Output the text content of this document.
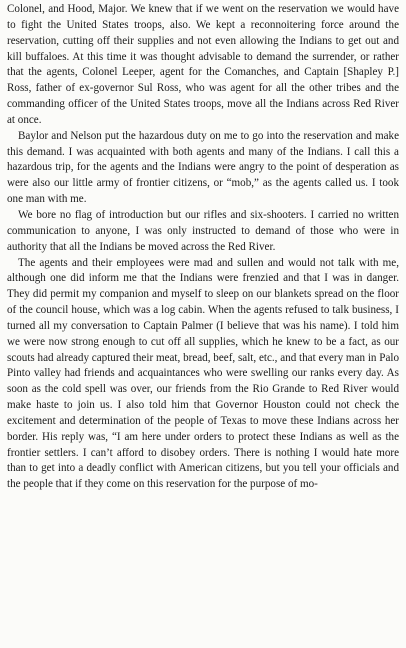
Colonel, and Hood, Major. We knew that if we went on the reservation we would have to fight the United States troops, also. We kept a reconnoitering force around the reservation, cutting off their supplies and not even allowing the Indians to get out and kill buffaloes. At this time it was thought advisable to demand the surrender, or rather that the agents, Colonel Leeper, agent for the Comanches, and Captain [Shapley P.] Ross, father of ex-governor Sul Ross, who was agent for all the other tribes and the commanding officer of the United States troops, move all the Indians across Red River at once.

Baylor and Nelson put the hazardous duty on me to go into the reservation and make this demand. I was acquainted with both agents and many of the Indians. I call this a hazardous trip, for the agents and the Indians were angry to the point of desperation as were also our little army of frontier citizens, or “mob,” as the agents called us. I took one man with me.

We bore no flag of introduction but our rifles and six-shooters. I carried no written communication to anyone, I was only instructed to demand of those who were in authority that all the Indians be moved across the Red River.

The agents and their employees were mad and sullen and would not talk with me, although one did inform me that the Indians were frenzied and that I was in danger. They did permit my companion and myself to sleep on our blankets spread on the floor of the council house, which was a log cabin. When the agents refused to talk business, I turned all my conversation to Captain Palmer (I believe that was his name). I told him we were now strong enough to cut off all supplies, which he knew to be a fact, as our scouts had already captured their meat, bread, beef, salt, etc., and that every man in Palo Pinto valley had friends and acquaintances who were swelling our ranks every day. As soon as the cold spell was over, our friends from the Rio Grande to Red River would make haste to join us. I also told him that Governor Houston could not check the excitement and determination of the people of Texas to move these Indians across her border. His reply was, “I am here under orders to protect these Indians as well as the frontier settlers. I can’t afford to disobey orders. There is nothing I would hate more than to get into a deadly conflict with American citizens, but you tell your officials and the people that if they come on this reservation for the purpose of mo-
